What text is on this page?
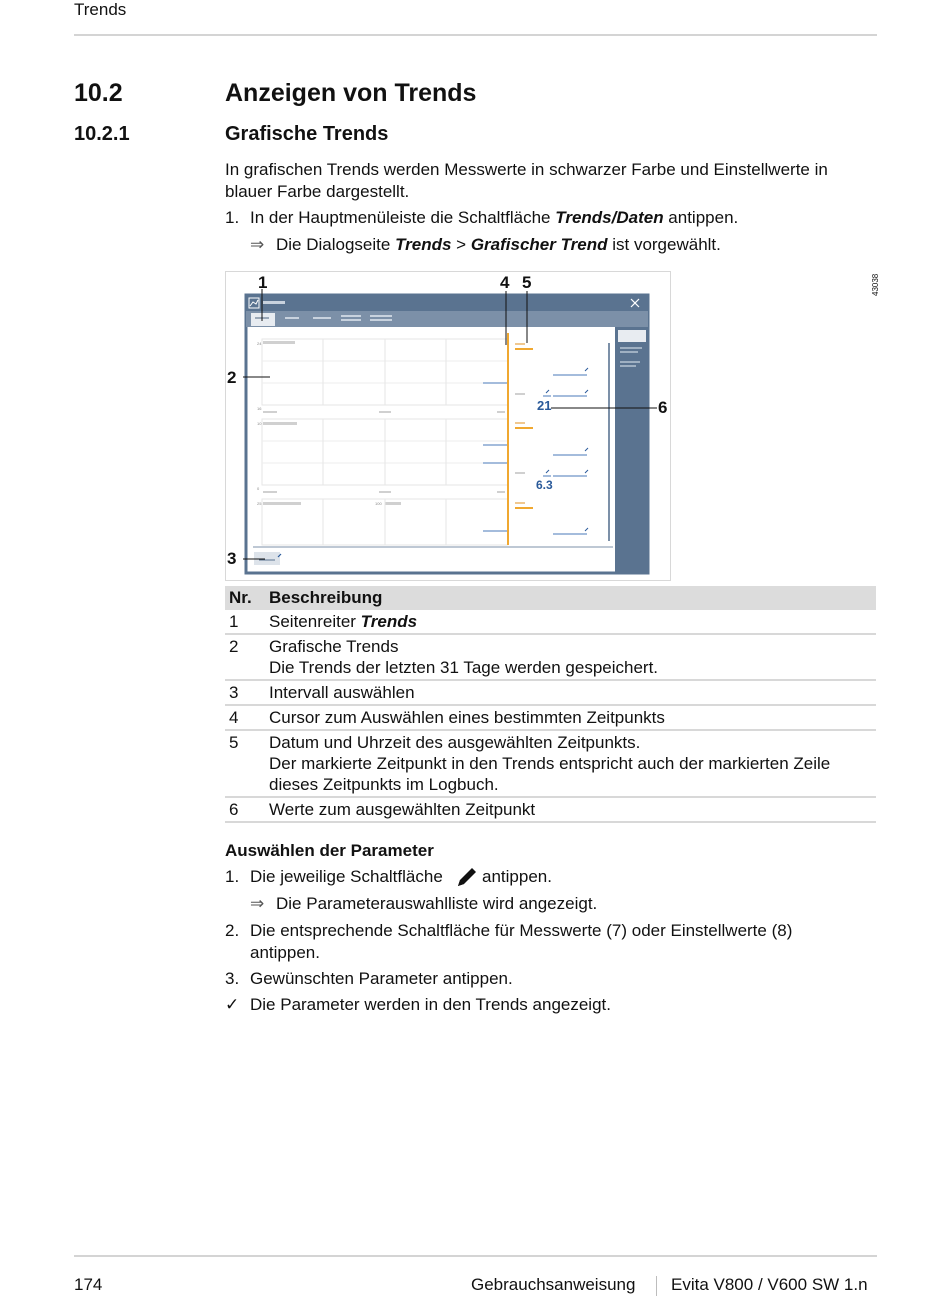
Trends
10.2	Anzeigen von Trends
10.2.1	Grafische Trends
In grafischen Trends werden Messwerte in schwarzer Farbe und Einstellwerte in
blauer Farbe dargestellt.
1. In der Hauptmenüleiste die Schaltfläche Trends/Daten antippen.
⇒ Die Dialogseite Trends > Grafischer Trend ist vorgewählt.
43038
24
16
10
0
25	100
21
6.3
1
2
3
4 5
6
Nr.	Beschreibung
1	Seitenreiter Trends
2	Grafische Trends
Die Trends der letzten 31 Tage werden gespeichert.

3	Intervall auswählen
4	Cursor zum Auswählen eines bestimmten Zeitpunkts
5	Datum und Uhrzeit des ausgewählten Zeitpunkts.
Der markierte Zeitpunkt in den Trends entspricht auch der markierten Zeile
dieses Zeitpunkts im Logbuch.

6	Werte zum ausgewählten Zeitpunkt
Auswählen der Parameter
1. Die jeweilige Schaltfläche antippen.
⇒ Die Parameterauswahlliste wird angezeigt.
2. Die entsprechende Schaltfläche für Messwerte (7) oder Einstellwerte (8)
antippen.
3. Gewünschten Parameter antippen.
✓ Die Parameter werden in den Trends angezeigt.
174	Gebrauchsanweisung Evita V800 / V600 SW 1.n
